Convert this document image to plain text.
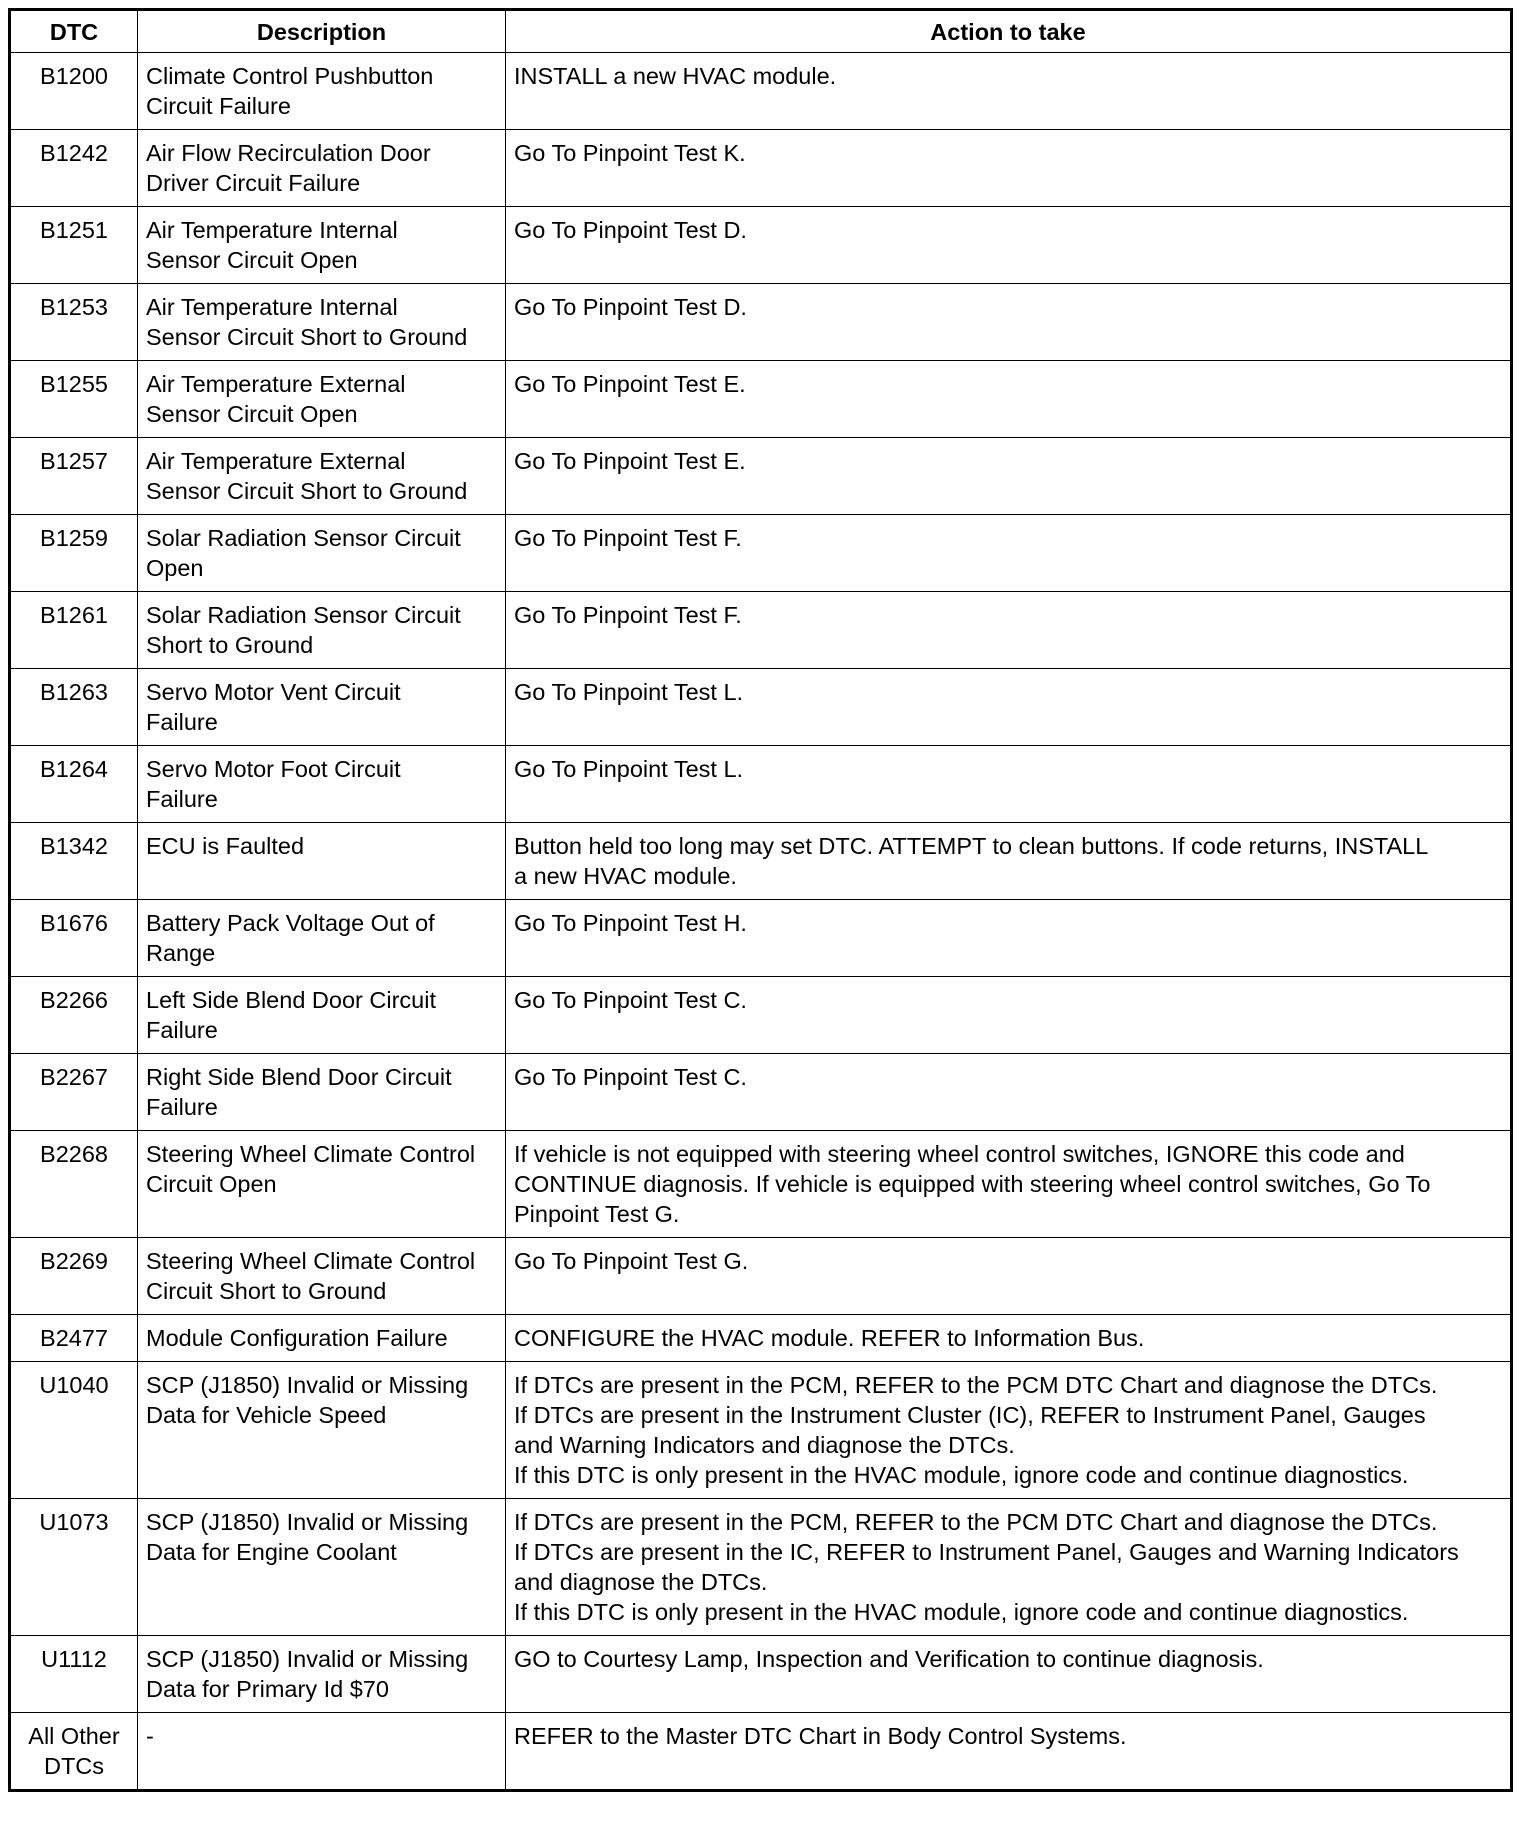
DTC	Description	Action to take
B1200	Climate Control Pushbutton
Circuit Failure	INSTALL a new HVAC module.

B1242	Air Flow Recirculation Door
Driver Circuit Failure	Go To Pinpoint Test K.

B1251	Air Temperature Internal
Sensor Circuit Open	Go To Pinpoint Test D.

B1253	Air Temperature Internal
Sensor Circuit Short to Ground	Go To Pinpoint Test D.

B1255	Air Temperature External
Sensor Circuit Open	Go To Pinpoint Test E.

B1257	Air Temperature External
Sensor Circuit Short to Ground	Go To Pinpoint Test E.

B1259	Solar Radiation Sensor Circuit
Open	Go To Pinpoint Test F.

B1261	Solar Radiation Sensor Circuit
Short to Ground	Go To Pinpoint Test F.

B1263	Servo Motor Vent Circuit
Failure	Go To Pinpoint Test L.

B1264	Servo Motor Foot Circuit
Failure	Go To Pinpoint Test L.

B1342	ECU is Faulted	Button held too long may set DTC. ATTEMPT to clean buttons. If code returns, INSTALL
a new HVAC module.

B1676	Battery Pack Voltage Out of
Range	Go To Pinpoint Test H.

B2266	Left Side Blend Door Circuit
Failure	Go To Pinpoint Test C.

B2267	Right Side Blend Door Circuit
Failure	Go To Pinpoint Test C.

B2268	Steering Wheel Climate Control
Circuit Open	If vehicle is not equipped with steering wheel control switches, IGNORE this code and
CONTINUE diagnosis. If vehicle is equipped with steering wheel control switches, Go To
Pinpoint Test G.

B2269	Steering Wheel Climate Control
Circuit Short to Ground	Go To Pinpoint Test G.

B2477	Module Configuration Failure	CONFIGURE the HVAC module. REFER to Information Bus.

U1040	SCP (J1850) Invalid or Missing
Data for Vehicle Speed	If DTCs are present in the PCM, REFER to the PCM DTC Chart and diagnose the DTCs.
If DTCs are present in the Instrument Cluster (IC), REFER to Instrument Panel, Gauges
and Warning Indicators and diagnose the DTCs.
If this DTC is only present in the HVAC module, ignore code and continue diagnostics.

U1073	SCP (J1850) Invalid or Missing
Data for Engine Coolant	If DTCs are present in the PCM, REFER to the PCM DTC Chart and diagnose the DTCs.
If DTCs are present in the IC, REFER to Instrument Panel, Gauges and Warning Indicators
and diagnose the DTCs.
If this DTC is only present in the HVAC module, ignore code and continue diagnostics.

U1112	SCP (J1850) Invalid or Missing
Data for Primary Id $70	GO to Courtesy Lamp, Inspection and Verification to continue diagnosis.

All Other DTCs	-	REFER to the Master DTC Chart in Body Control Systems.
